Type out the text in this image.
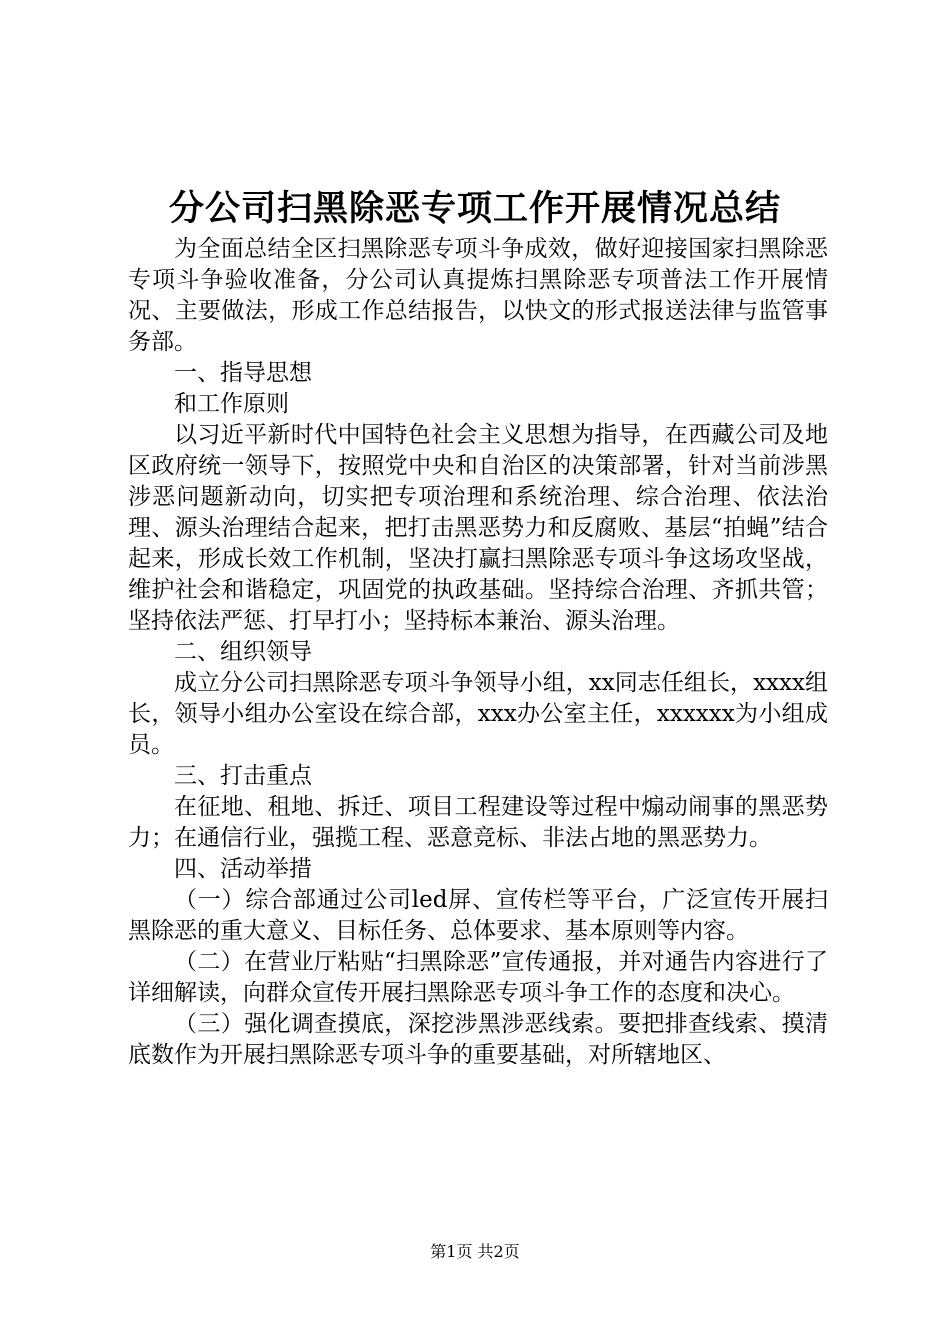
分公司扫黑除恶专项工作开展情况总结

为全面总结全区扫黑除恶专项斗争成效，做好迎接国家扫黑除恶专项斗争验收准备，分公司认真提炼扫黑除恶专项普法工作开展情况、主要做法，形成工作总结报告，以快文的形式报送法律与监管事务部。

一、指导思想

和工作原则

以习近平新时代中国特色社会主义思想为指导，在西藏公司及地区政府统一领导下，按照党中央和自治区的决策部署，针对当前涉黑涉恶问题新动向，切实把专项治理和系统治理、综合治理、依法治理、源头治理结合起来，把打击黑恶势力和反腐败、基层“拍蝇”结合起来，形成长效工作机制，坚决打赢扫黑除恶专项斗争这场攻坚战，维护社会和谐稳定，巩固党的执政基础。坚持综合治理、齐抓共管；坚持依法严惩、打早打小；坚持标本兼治、源头治理。

二、组织领导

成立分公司扫黑除恶专项斗争领导小组，xx同志任组长，xxxx组长，领导小组办公室设在综合部，xxx办公室主任，xxxxxx为小组成员。

三、打击重点

在征地、租地、拆迁、项目工程建设等过程中煽动闹事的黑恶势力；在通信行业，强揽工程、恶意竞标、非法占地的黑恶势力。

四、活动举措

（一）综合部通过公司led屏、宣传栏等平台，广泛宣传开展扫黑除恶的重大意义、目标任务、总体要求、基本原则等内容。

（二）在营业厅粘贴“扫黑除恶”宣传通报，并对通告内容进行了详细解读，向群众宣传开展扫黑除恶专项斗争工作的态度和决心。

（三）强化调查摸底，深挖涉黑涉恶线索。要把排查线索、摸清底数作为开展扫黑除恶专项斗争的重要基础，对所辖地区、

第1页 共2页
